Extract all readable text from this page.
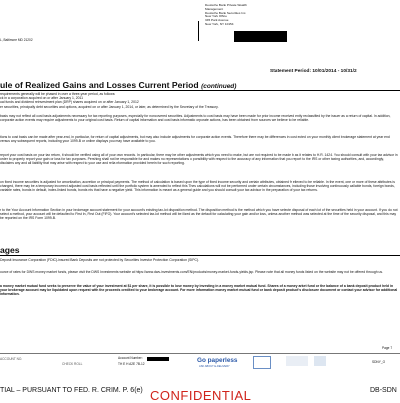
L, Baltimore MD 21202
Deutsche Bank Private Wealth Management
Deutsche Bank Securities Inc.
New York Office
345 Park Avenue
New York, NY 10154
Statement Period: 10/01/2014 - 10/31/2
ule of Realized Gains and Losses Current Period (continued)
requirements generally will be phased in over a three-year period, as follows:
ck in a corporation acquired on or after January 1, 2011
ual funds and dividend reinvestment plan (DRP) shares acquired on or after January 1, 2012
er securities, principally debt securities and options, acquired on or after January 1, 2014, or later, as determined by the Secretary of the Treasury.
basis may not reflect all cost basis adjustments necessary for tax reporting purposes, especially for noncovered securities. Adjustments to cost basis may have been made for prior income received ently reclassified by the issuer as a return of capital. In addition, corporate action events may require adjustments to your original cost basis. Return of capital information and cost basis informatio orporate actions, has been obtained from sources we believe to be reliable.
tions to cost basis can be made after year-end, in particular, for return of capital adjustments, but may also include adjustments for corporate action events. Therefore there may be differences in cost ected on your monthly client brokerage statement at year end versus any subsequent reports, including your 1099-B or online displays you may have available to you.
report your cost basis on your tax return, it should be verified using all of your own records. In particular, there may be other adjustments which you need to make, but are not required to be made b as it relates to H.R. 1424. You should consult with your tax advisor in order to properly report your gain or loss for tax purposes. Pershing shall not be responsible for and makes no representations o ponsibility with respect to the accuracy of any information that you report to the IRS or other taxing authorities, and, accordingly, disclaims any and all liability that may arise with respect to your use and relia nformation provided herein for such reporting.
on fixed income securities is adjusted for amortization, accretion or principal payments. The method of calculation is based upon the type of fixed income security and certain attributes, obtained fr elieved to be reliable. In the event, one or more of these attributes is changed, there may be a temporary incorrect adjusted cost basis reflected until the portfolio system is amended to reflect this Thes calculations will not be performed under certain circumstances, including those involving continuously callable bonds, foreign bonds, variable rates, bonds in default, index-linked bonds, bonds nts that have a negative yield. This information is meant as a general guide and you should consult your tax advisor in the preparation of your tax returns.
r to the Your Account Information Section in your brokerage account statement for your account's existing tax-lot disposition method. The disposition method is the method which you have selecte disposal of each lot of the securities held in your account. If you do not select a method, your account will be defaulted to First In, First Out (FIFO). Your account's selected tax-lot method will be ilized as the default for calculating your gain and/or loss, unless another method was selected at the time of the security disposal, and this may be reported on the IRS Form 1099-B.
ages
Deposit Insurance Corporation (FDIC)-insured Bank Deposits are not protected by Securities Investor Protection Corporation (SIPC).
ource of rates for DWS money market funds, please visit the DWS Investments website at https://www.dws-investments.com/EN/products/money-market-funds-yields.jsp. Please note that all money funds listed on the website may not be offered through us.
a money market mutual fund seeks to preserve the value of your investment at $1 per share, it is possible to lose money by investing in a money market mutual fund. Shares of a money arket fund or the balance of a bank deposit product held in your brokerage account may be liquidated upon request with the proceeds credited to your brokerage account. For more information money market mutual fund or bank deposit product's disclosure document or contact your advisor for additional information.
Page 7
ACCOUNT NO.
CHECK ROLL
Account Number:
TH E H A2E 7B-12	Go paperless
ASK ABOUT E-DELIVERY
SDNY_O
TIAL – PURSUANT TO FED. R. CRIM. P. 6(e) CONFIDENTIAL	DB-SDN
